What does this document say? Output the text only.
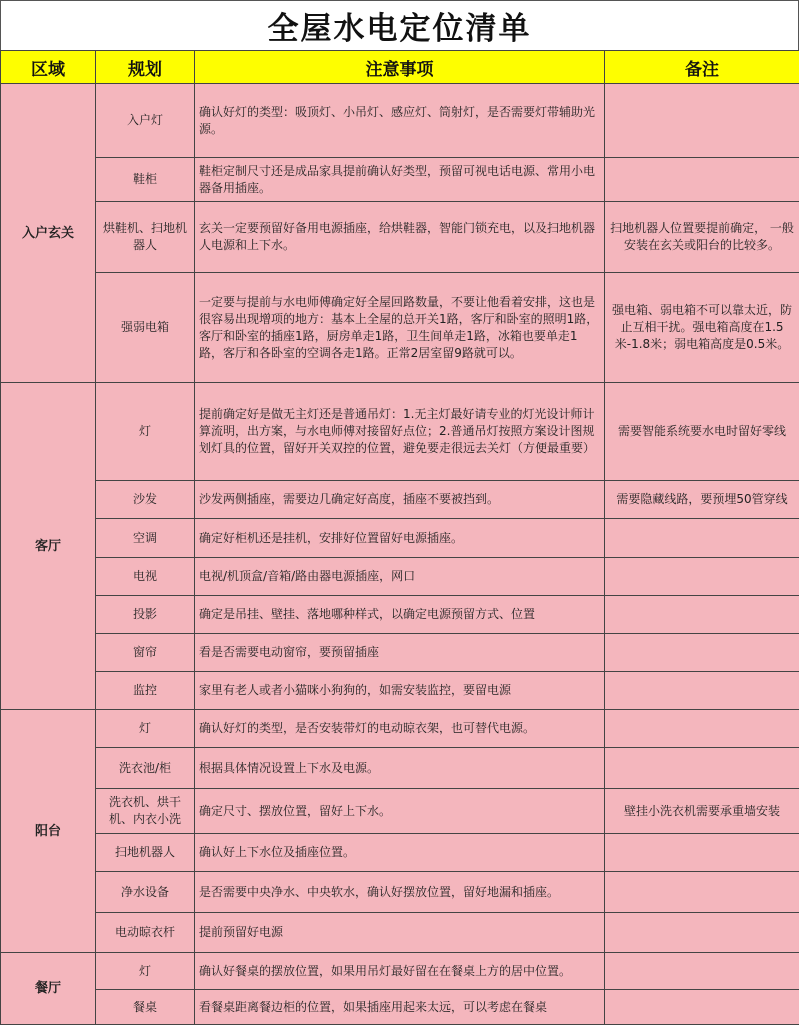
全屋水电定位清单
区域	规划	注意事项	备注
入户玄关	入户灯	确认好灯的类型：吸顶灯、小吊灯、感应灯、筒射灯，是否需要灯带辅助光源。	
	鞋柜	鞋柜定制尺寸还是成品家具提前确认好类型，预留可视电话电源、常用小电器备用插座。	
	烘鞋机、扫地机器人	玄关一定要预留好备用电源插座，给烘鞋器，智能门锁充电，以及扫地机器人电源和上下水。	扫地机器人位置要提前确定， 一般安装在玄关或阳台的比较多。
	强弱电箱	一定要与提前与水电师傅确定好全屋回路数量，不要让他看着安排，这也是很容易出现增项的地方：基本上全屋的总开关1路，客厅和卧室的照明1路，客厅和卧室的插座1路，厨房单走1路，卫生间单走1路，冰箱也要单走1路，客厅和各卧室的空调各走1路。正常2居室留9路就可以。	强电箱、弱电箱不可以靠太近，防止互相干扰。强电箱高度在1.5米-1.8米；弱电箱高度是0.5米。
客厅	灯	提前确定好是做无主灯还是普通吊灯：1.无主灯最好请专业的灯光设计师计算流明，出方案，与水电师傅对接留好点位；2.普通吊灯按照方案设计图规划灯具的位置，留好开关双控的位置，避免要走很远去关灯（方便最重要）	需要智能系统要水电时留好零线
	沙发	沙发两侧插座，需要边几确定好高度，插座不要被挡到。	需要隐藏线路，要预埋50管穿线
	空调	确定好柜机还是挂机，安排好位置留好电源插座。	
	电视	电视/机顶盒/音箱/路由器电源插座，网口	
	投影	确定是吊挂、壁挂、落地哪种样式，以确定电源预留方式、位置	
	窗帘	看是否需要电动窗帘，要预留插座	
	监控	家里有老人或者小猫咪小狗狗的，如需安装监控，要留电源	
阳台	灯	确认好灯的类型，是否安装带灯的电动晾衣架，也可替代电源。	
	洗衣池/柜	根据具体情况设置上下水及电源。	
	洗衣机、烘干机、内衣小洗	确定尺寸、摆放位置，留好上下水。	壁挂小洗衣机需要承重墙安装
	扫地机器人	确认好上下水位及插座位置。	
	净水设备	是否需要中央净水、中央软水，确认好摆放位置，留好地漏和插座。	
	电动晾衣杆	提前预留好电源	
餐厅	灯	确认好餐桌的摆放位置，如果用吊灯最好留在在餐桌上方的居中位置。	
	餐桌	看餐桌距离餐边柜的位置，如果插座用起来太远，可以考虑在餐桌	
